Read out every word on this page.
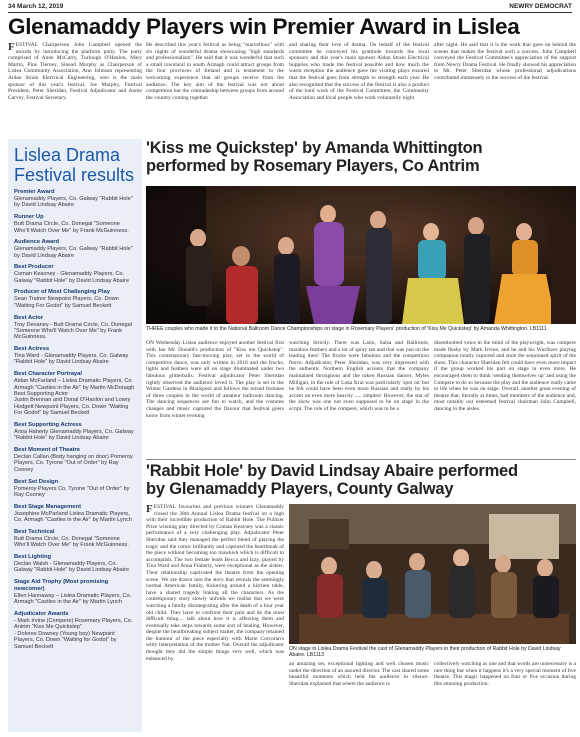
34 March 12, 2019	NEWRY DEMOCRAT
Glenamaddy Players win Premier Award in Lislea
FESTIVAL Chairperson John Campbell opened the awards by introducing the platform party. The party comprised of Anne McCarry, Turlough O'Hanlon, Mary Martin, Pius Tierney, Sinead Murphy as Chairperson of Lislea Community Association, Ann Johnson representing Aidan Strain Electrical Engineering, who is the main sponsor of this year's festival, Joe Murphy, Festival President; Peter Sheridan, Festival Adjudicator and Annie Carvey, Festival Secretary.
He described this year's festival as being "marvellous" with six nights of wonderful drama showcasing "high standards and professionalism". He said that it was wonderful that such a small townland in south Armagh could attract groups from the four provinces of Ireland and is testament to the welcoming experience that all groups receive from the audience. The key aim of the festival was not about competition but the comradeship between groups from around the country coming together
and sharing their love of drama. On behalf of the festival committee he conveyed his gratitude towards the local sponsors and this year's main sponsor Aidan Strain Electrical Supplies who made the festival possible and how much the warm reception the audience gave the visiting plays ensured that the festival goes from strength to strength each year. He also recognised that the success of the festival is also a product of the hard work of the Festival Committee, the Community Association and local people who work voluntarily night
after night. He said that it is the work that goes on behind the scenes that makes the festival such a success. John Campbell conveyed the Festival Committee's appreciation of the support from Newry Drama Festival. He finally showed his appreciation to Mr. Peter Sheridan whose professional adjudications contributed immensely to the success of the festival.
Lislea Drama
Festival results
Premier Award
Glenamaddy Players, Co. Galway "Rabbit Hole" by David Lindsay Abaire
Runner Up
Butt Drama Circle, Co. Donegal "Someone Who'll Watch Over Me" by Frank McGuinness.
Audience Award
Glenamaddy Players, Co. Galway "Rabbit Hole" by David Lindsay Abaire
Best Producer
Coman Keavney - Glenamaddy Players, Co. Galway "Rabbit Hole" by David Lindsay Abaire
Producer of Most Challenging Play
Sean Trainor Newpoint Players, Co. Down "Waiting For Godot" by Samuel Beckett
Best Actor
Troy Devaney - Butt Drama Circle, Co. Donegal "Someone Who'll Watch Over Me" by Frank McGuinness.
Best Actress
Tina Ward - Glenamaddy Players, Co. Galway "Rabbit Hole" by David Lindsay Abaire
Best Character Portrayal
Aidan McFarland – Lislea Dramatic Players, Co. Armagh "Castles in the Air" by Martin McDonagh
Best Supporting Actor
Justin Brennan and Donal O'Hanlon and Lowry Hodgett Newpoint Players, Co. Down "Waiting For Godot" by Samuel Beckett
Best Supporting Actress
Anna Haherty Glenamaddy Players, Co. Galway "Rabbit Hole" by David Lindsay Abaire
Best Moment of Theatre
Declan Callan (Body hanging on door) Pomeroy Players, Co. Tyrone "Out of Order" by Ray Cooney
Best Set Design
Pomeroy Players Co. Tyrone "Out of Order" by Ray Cooney
Best Stage Management
Josephine McParland Lislea Dramatic Players, Co. Armagh "Castles in the Air" by Martin Lynch
Best Technical
Butt Drama Circle, Co. Donegal "Someone Who'll Watch Over Me" by Frank McGuinness.
Best Lighting
Declan Walsh - Glenamaddy Players, Co. Galway "Rabbit Hole" by David Lindsay Abaire
Stage Aid Trophy (Most promising newcomer)
Ellen Hannaway – Lislea Dramatic Players, Co. Armagh "Castles in the Air" by Martin Lynch
Adjudicator Awards
- Mark Irvine (Compere) Rosemary Players, Co. Antrim "Kiss Me Quickstep"
- Dolores Downey (Young boy) Newpoint Players, Co. Down "Waiting for Godot" by Samuel Beckett
'Kiss me Quickstep' by Amanda Whittington
performed by Rosemary Players, Co Antrim
THREE couples who made it to the National Ballroom Dance Championships on stage in Rosemary Players' production of 'Kiss Me Quickstep' by Amanda Whittington. LB1111
ON Wednesday Lislea audience enjoyed another festival first with Ian Mc Donald's production of "Kiss me Quickstep". This contemporary fast-moving play, set in the world of competitive dance, was only written in 2016 and the frocks, lights and feathers were all on stage illuminated under two fabulous glitterballs. Festival adjudicator Peter Sheridan rightly observed the audience loved it. The play is set in the Winter Gardens in Blackpool and follows the mixed fortunes of three couples in the world of amateur ballroom dancing. The dancing sequences are fun to watch, and the costume changes and music captured the flavour that festival goers know from winter evening
watching Strictly. There was Latin, Salsa and Ballroom, marabou feathers and a lot of spray tan and that was just on the leading men! The frocks were fabulous and the competition fierce. Adjudicator, Peter Sheridan, was very impressed with the authentic Northern English accents that the company maintained throughout and the token Russian dancer, Myles Milligan, in the role of Luka Kral was particularly 'spot on' but he felt could have been even more Russian and really by his accent on even more heavily ..... simples! However, the star of the show was one not even supposed to be on stage in the script. The role of the compere, which was to be a
disembodied voice in the mind of the playwright, was compere made fleshy by Mark Irvine, and he and his Wurlitzer playing companion totally captured and stole the sequinned spirit of the show. This character Sheridan felt could have even more impact if the group worked his part on stage in even more. He encouraged them to think 'sending themselves up' and using the Compere to do so because the play and the audience really came to life when he was on stage. Overall, another great evening of theatre that, literally at times, had members of the audience and, most notably our esteemed festival chairman John Campbell, dancing in the aisles.
'Rabbit Hole' by David Lindsay Abaire performed
by Glenamaddy Players, County Galway
FESTIVAL favourites and previous winners Glenamaddy closed the 38th Annual Lislea Drama festival on a high with their incredible production of Rabbit Hole. The Pulitzer Prize winning play directed by Coman Keavney was a classic performance of a very challenging play. Adjudicator Peter Sheridan said they managed the perfect blend of playing the tragic and the comic brilliantly and captured the heartbreak of the piece without becoming too mawkish which is difficult to accomplish. The two female leads Becca and Izzy, played by Tina Ward and Anna Flaherty, were exceptional as the sisters. Their relationship captivated the theatre from the opening scene. We are drawn into the story that reveals the seemingly normal American family, bickering around a kitchen table, have a shared tragedy linking all the characters. As the contemporary story slowly unfolds we realise that we were watching a family disintegrating after the death of a four year old child. They have to confront their pain and do the most difficult thing.... talk about how it is affecting them and eventually take steps towards some sort of healing. However, despite the heartbreaking subject matter, the company retained the humour of the piece especially with Marie Corcoran's witty interpretation of the mother Nat. Overall the adjudicator thought they did the simple things very well, which was enhanced by
ON stage in Lislea Drama Festival the cast of Glenamaddy Players in their production of Rabbit Hole by David Lindsay Abaire. LB1113
an amazing set, exceptional lighting and well chosen music under the direction of an assured director. The cast shared some beautiful moments which held the audience in silence. Sheridan explained that where the audience is
collectively watching as one and that words are unnecessary is a rare thing but when it happens it's a very special moment of live theatre. This magic happened on four or five occasion during this stunning production.
